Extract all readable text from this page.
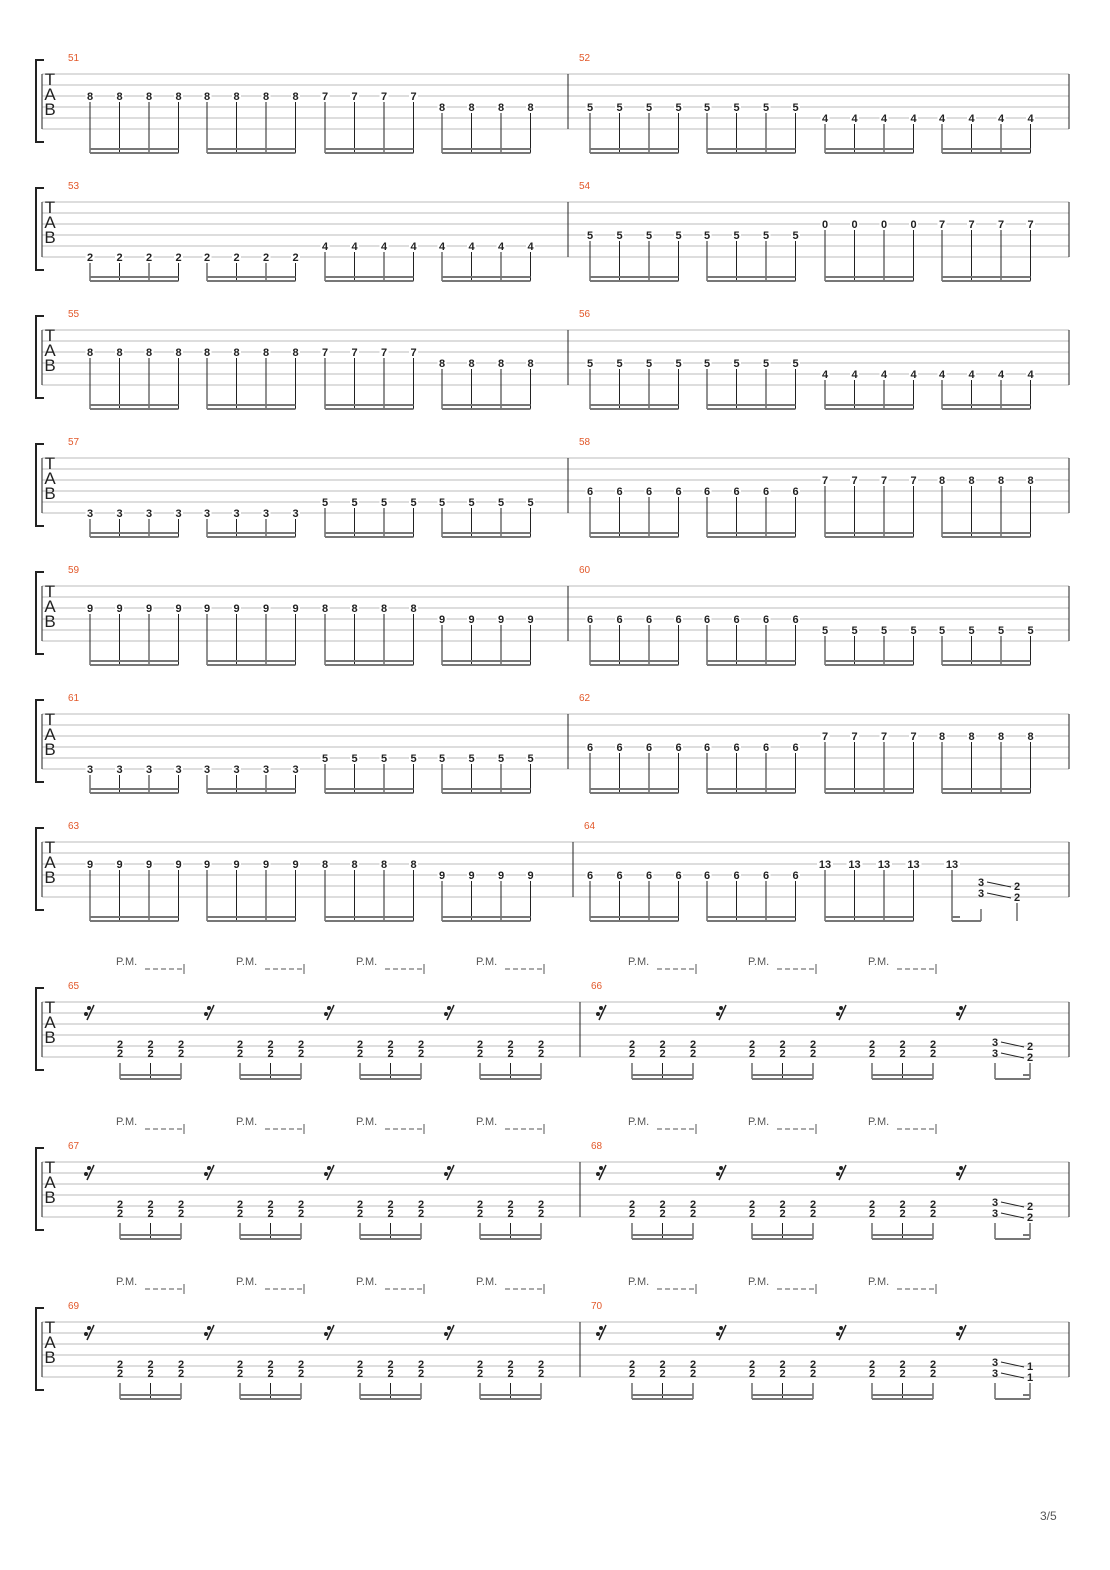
T
A
B
51
8 8 8 8 8 8 8 8 7 7 7 7
8 8 8 8
52
5 5 5 5 5 5 5 5
4 4 4 4 4 4 4 4
T
A
B
53
2 2 2 2 2 2 2 2
4 4 4 4 4 4 4 4
54
5 5 5 5 5 5 5 5
0 0 0 0 7 7 7 7
T
A
B
55
8 8 8 8 8 8 8 8 7 7 7 7
8 8 8 8
56
5 5 5 5 5 5 5 5
4 4 4 4 4 4 4 4
T
A
B
57
3 3 3 3 3 3 3 3
5 5 5 5 5 5 5 5
58
6 6 6 6 6 6 6 6
7 7 7 7 8 8 8 8
T
A
B
59
9 9 9 9 9 9 9 9 8 8 8 8
9 9 9 9
60
6 6 6 6 6 6 6 6
5 5 5 5 5 5 5 5
T
A
B
61
3 3 3 3 3 3 3 3
5 5 5 5 5 5 5 5
62
6 6 6 6 6 6 6 6
7 7 7 7 8 8 8 8
T
A
B
63
9 9 9 9 9 9 9 9 8 8 8 8
9 9 9 9
64
6 6 6 6 6 6 6 6
13 13 13 13 13
3	2
3	2
T
A
B
65
P.M.
2
2
2
2
2
2
P.M.
2
2
2
2
2
2
P.M.
2
2
2
2
2
2
P.M.
2
2
2
2
2
2
66
P.M.
2
2
2
2
2
2
P.M.
2
2
2
2
2
2
P.M.
2
2
2
2
2
2
3	2
3	2
T
A
B
67
P.M.
2
2
2
2
2
2
P.M.
2
2
2
2
2
2
P.M.
2
2
2
2
2
2
P.M.
2
2
2
2
2
2
68
P.M.
2
2
2
2
2
2
P.M.
2
2
2
2
2
2
P.M.
2
2
2
2
2
2
3	2
3	2
T
A
B
69
P.M.
2
2
2
2
2
2
P.M.
2
2
2
2
2
2
P.M.
2
2
2
2
2
2
P.M.
2
2
2
2
2
2
70
P.M.
2
2
2
2
2
2
P.M.
2
2
2
2
2
2
P.M.
2
2
2
2
2
2
3	1
3	1
3/5
